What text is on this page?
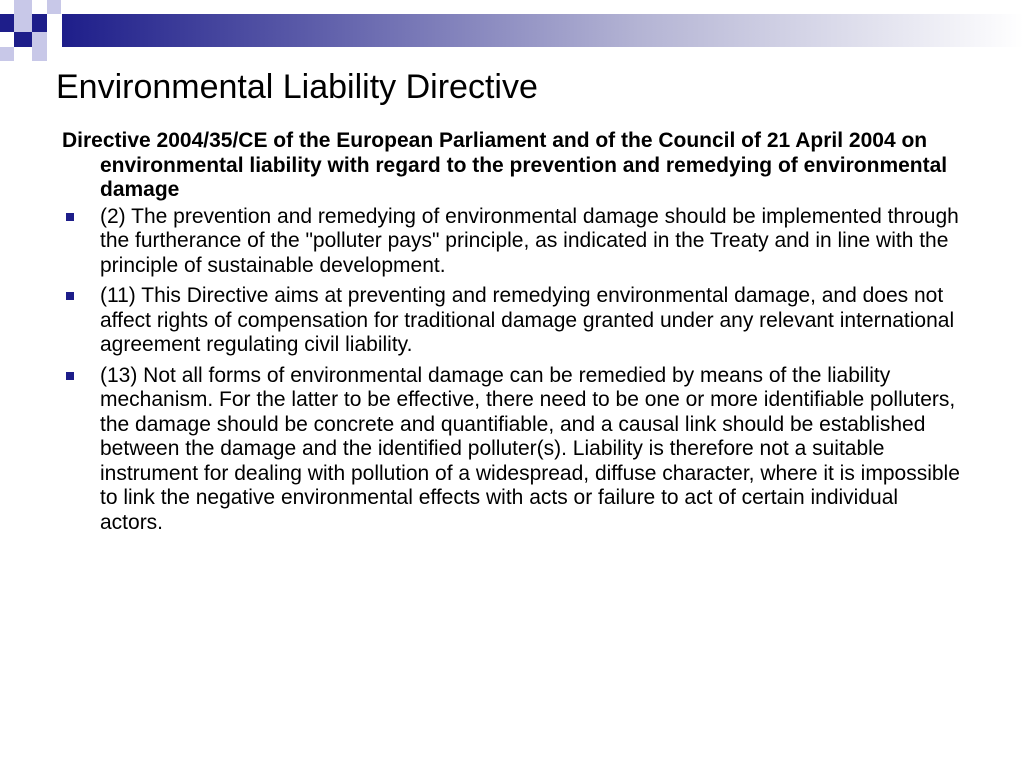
Environmental Liability Directive

Directive 2004/35/CE of the European Parliament and of the Council of 21 April 2004 on environmental liability with regard to the prevention and remedying of environmental damage

(2) The prevention and remedying of environmental damage should be implemented through the furtherance of the "polluter pays" principle, as indicated in the Treaty and in line with the principle of sustainable development.
(11) This Directive aims at preventing and remedying environmental damage, and does not affect rights of compensation for traditional damage granted under any relevant international agreement regulating civil liability.
(13) Not all forms of environmental damage can be remedied by means of the liability mechanism. For the latter to be effective, there need to be one or more identifiable polluters, the damage should be concrete and quantifiable, and a causal link should be established between the damage and the identified polluter(s). Liability is therefore not a suitable instrument for dealing with pollution of a widespread, diffuse character, where it is impossible to link the negative environmental effects with acts or failure to act of certain individual actors.
